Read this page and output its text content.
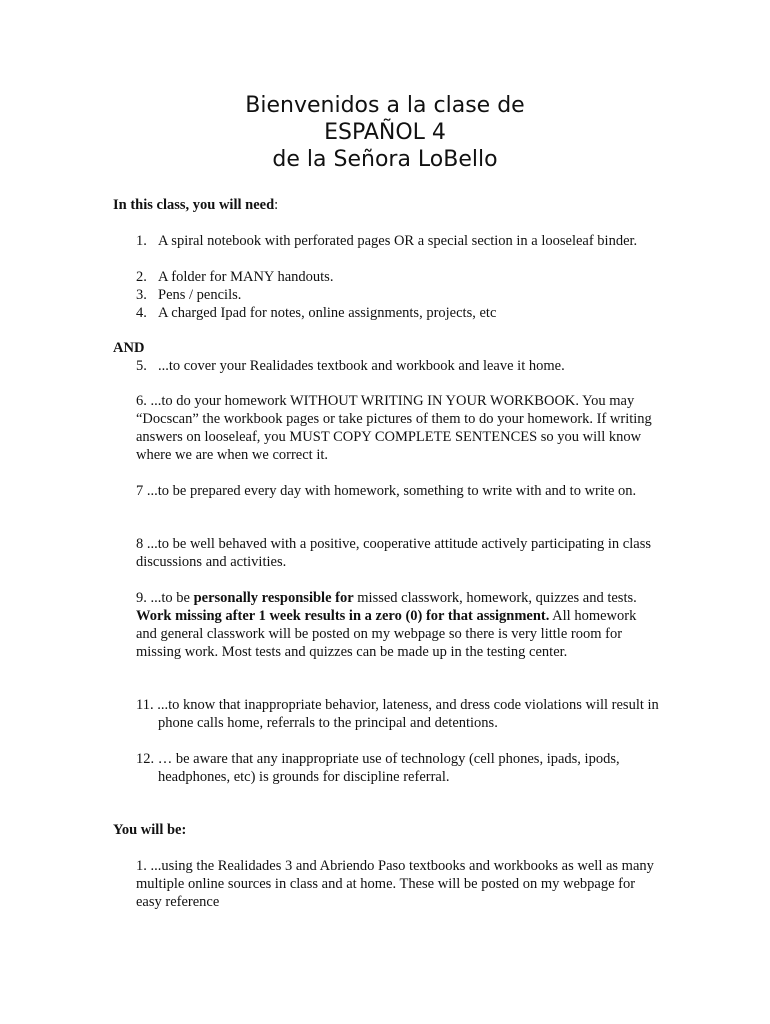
Bienvenidos a la clase de
ESPAÑOL 4
de la Señora LoBello
In this class, you will need:
1. A spiral notebook with perforated pages OR a special section in a looseleaf binder.
2. A folder for MANY handouts.
3. Pens / pencils.
4. A charged Ipad for notes, online assignments, projects, etc
AND
5. ...to cover your Realidades textbook and workbook and leave it home.
6. ...to do your homework WITHOUT WRITING IN YOUR WORKBOOK. You may “Docscan” the workbook pages or take pictures of them to do your homework. If writing answers on looseleaf, you MUST COPY COMPLETE SENTENCES so you will know where we are when we correct it.
7 ...to be prepared every day with homework, something to write with and to write on.
8 ...to be well behaved with a positive, cooperative attitude actively participating in class discussions and activities.
9. ...to be personally responsible for missed classwork, homework, quizzes and tests. Work missing after 1 week results in a zero (0) for that assignment. All homework and general classwork will be posted on my webpage so there is very little room for missing work. Most tests and quizzes can be made up in the testing center.
11. ...to know that inappropriate behavior, lateness, and dress code violations will result in phone calls home, referrals to the principal and detentions.
12. … be aware that any inappropriate use of technology (cell phones, ipads, ipods, headphones, etc) is grounds for discipline referral.
You will be:
1. ...using the Realidades 3 and Abriendo Paso textbooks and workbooks as well as many multiple online sources in class and at home. These will be posted on my webpage for easy reference
